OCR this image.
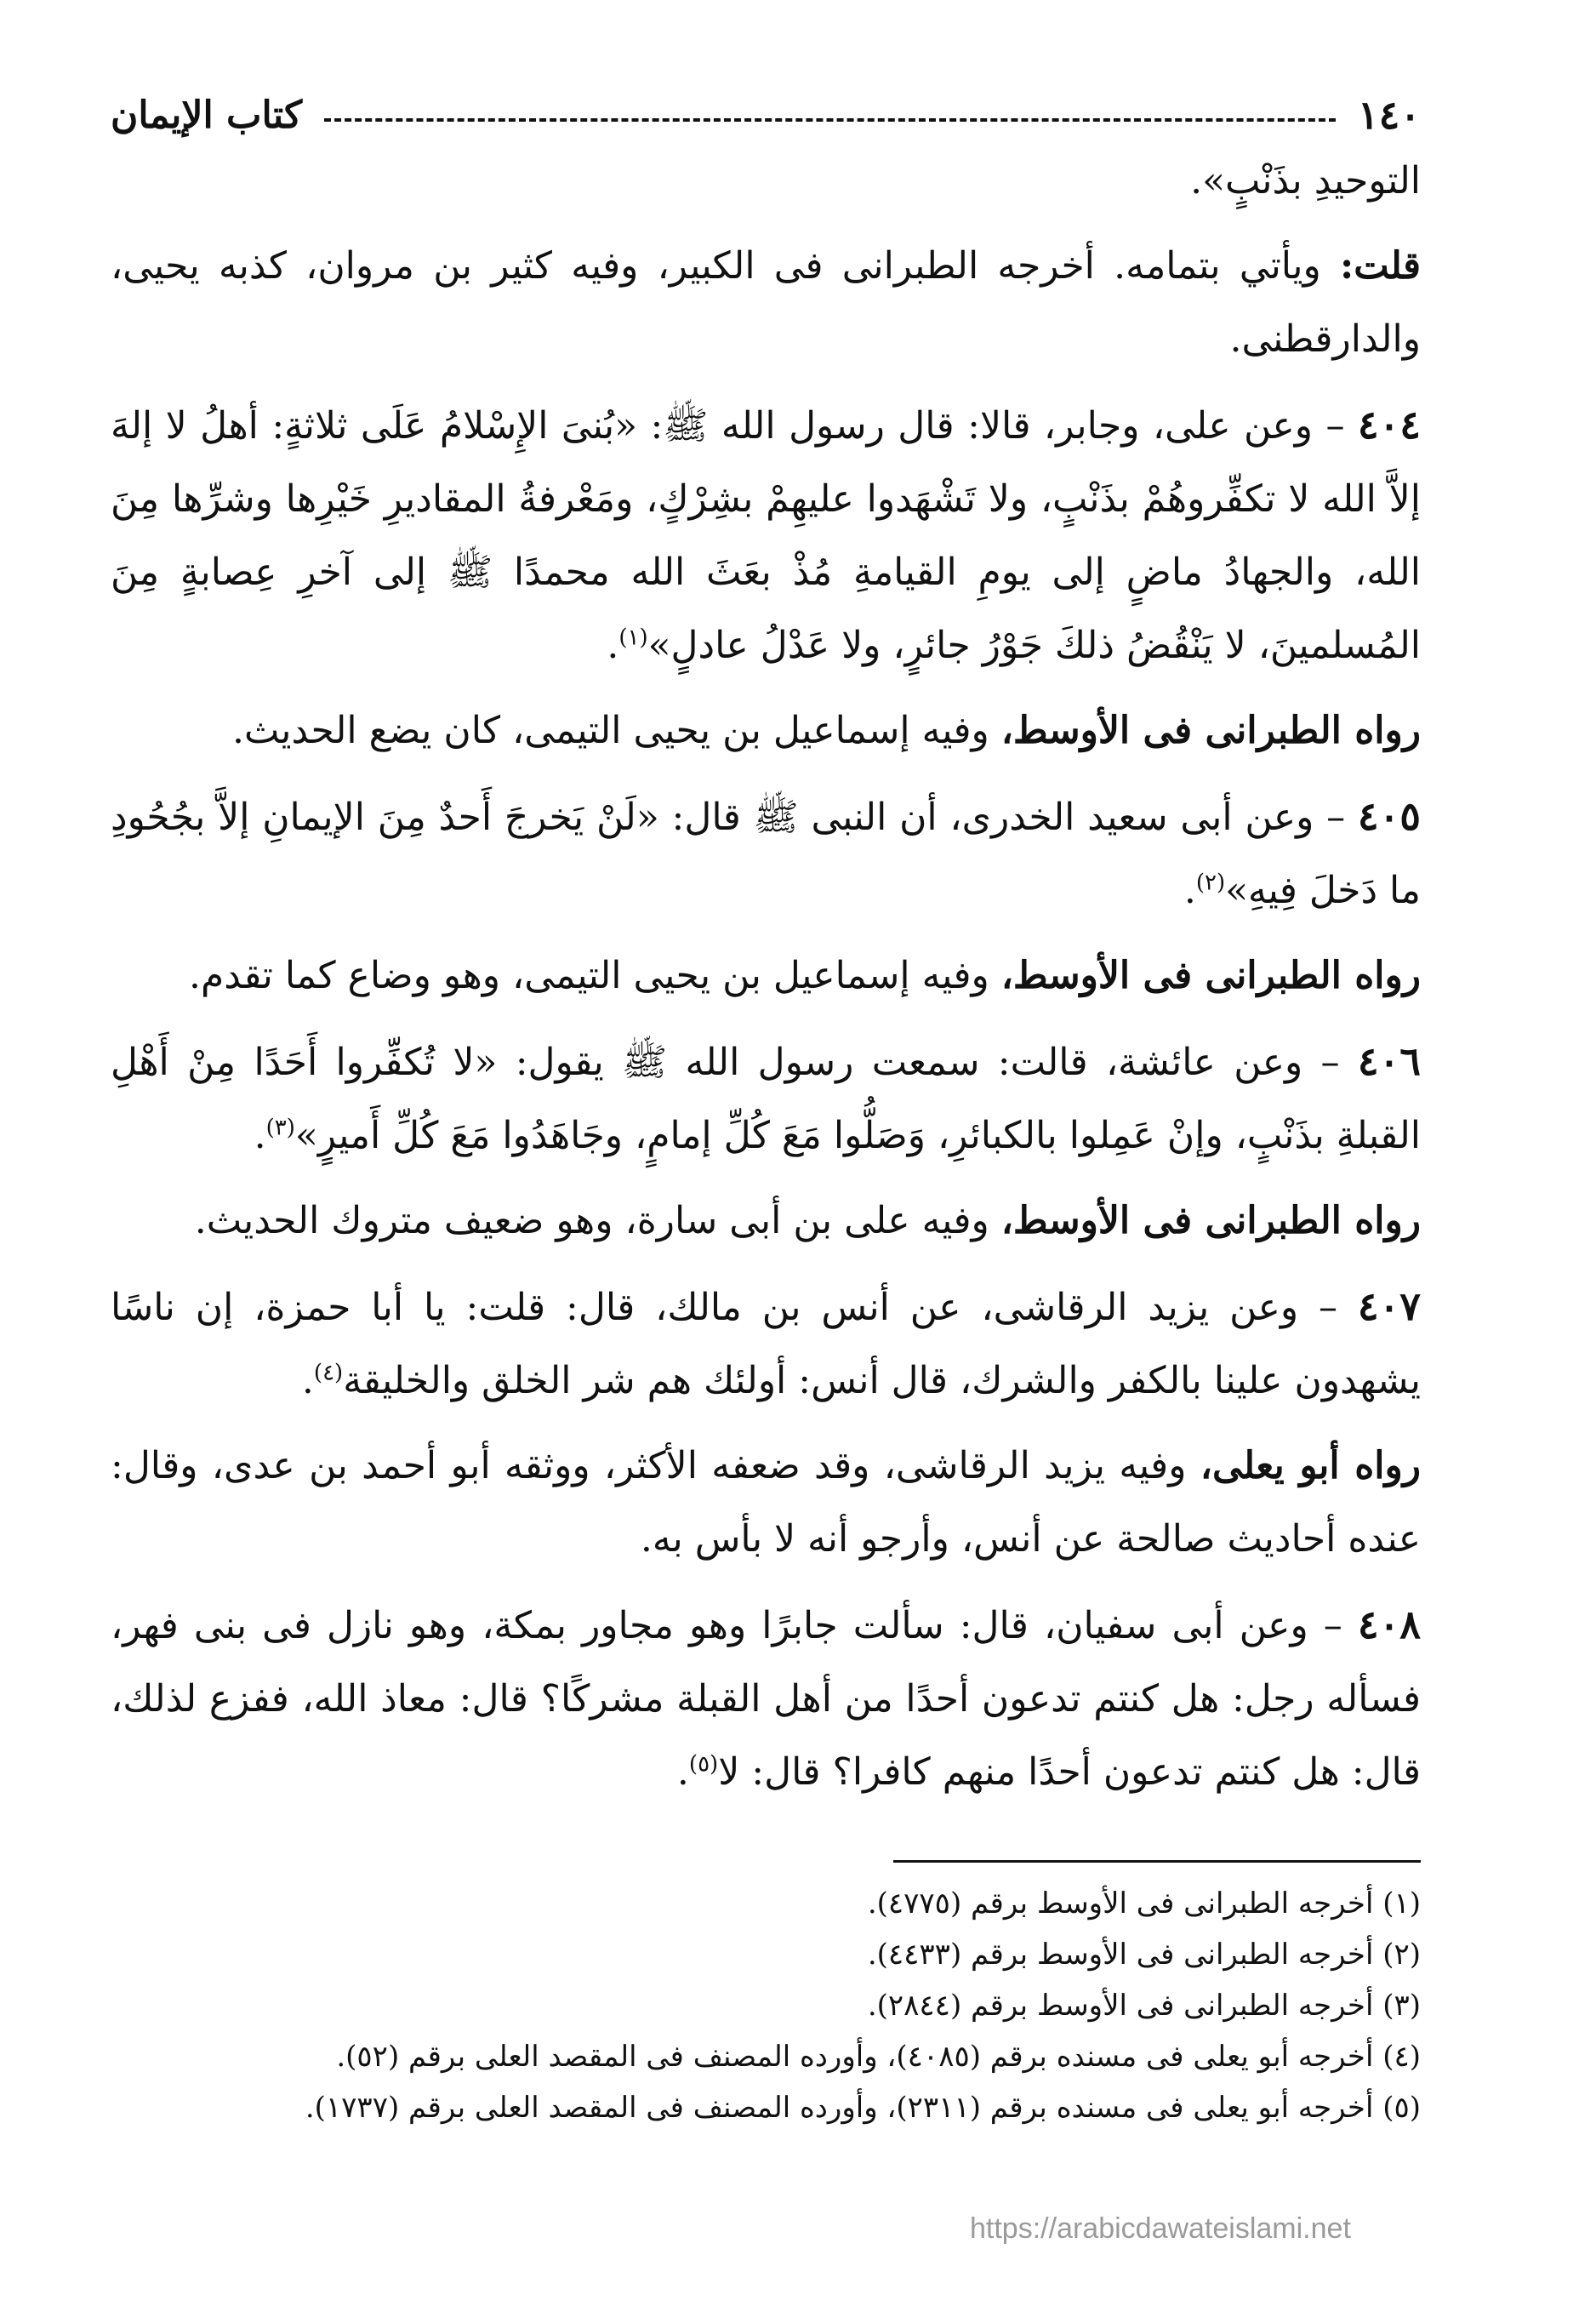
١٤٠
كتاب الإيمان

التوحيدِ بذَنْبٍ».

قلت: ويأتي بتمامه. أخرجه الطبرانى فى الكبير، وفيه كثير بن مروان، كذبه يحيى، والدارقطنى.

٤٠٤ – وعن على، وجابر، قالا: قال رسول الله ﷺ: «بُنىَ الإِسْلامُ عَلَى ثلاثةٍ: أهلُ لا إلهَ إلاَّ الله لا تكفِّروهُمْ بذَنْبٍ، ولا تَشْهَدوا عليهِمْ بشِرْكٍ، ومَعْرفةُ المقاديرِ خَيْرِها وشرِّها مِنَ الله، والجهادُ ماضٍ إلى يومِ القيامةِ مُذْ بعَثَ الله محمدًا ﷺ إلى آخرِ عِصابةٍ مِنَ المُسلمينَ، لا يَنْقُضُ ذلكَ جَوْرُ جائرٍ، ولا عَدْلُ عادلٍ»$^{(١)}$.

رواه الطبرانى فى الأوسط، وفيه إسماعيل بن يحيى التيمى، كان يضع الحديث.

٤٠٥ – وعن أبى سعيد الخدرى، أن النبى ﷺ قال: «لَنْ يَخرجَ أَحدٌ مِنَ الإيمانِ إلاَّ بجُحُودِ ما دَخلَ فِيهِ»$^{(٢)}$.

رواه الطبرانى فى الأوسط، وفيه إسماعيل بن يحيى التيمى، وهو وضاع كما تقدم.

٤٠٦ – وعن عائشة، قالت: سمعت رسول الله ﷺ يقول: «لا تُكفِّروا أَحَدًا مِنْ أَهْلِ القبلةِ بذَنْبٍ، وإنْ عَمِلوا بالكبائرِ، وَصَلُّوا مَعَ كُلِّ إمامٍ، وجَاهَدُوا مَعَ كُلِّ أَميرٍ»$^{(٣)}$.

رواه الطبرانى فى الأوسط، وفيه على بن أبى سارة، وهو ضعيف متروك الحديث.

٤٠٧ – وعن يزيد الرقاشى، عن أنس بن مالك، قال: قلت: يا أبا حمزة، إن ناسًا يشهدون علينا بالكفر والشرك، قال أنس: أولئك هم شر الخلق والخليقة$^{(٤)}$.

رواه أبو يعلى، وفيه يزيد الرقاشى، وقد ضعفه الأكثر، ووثقه أبو أحمد بن عدى، وقال: عنده أحاديث صالحة عن أنس، وأرجو أنه لا بأس به.

٤٠٨ – وعن أبى سفيان، قال: سألت جابرًا وهو مجاور بمكة، وهو نازل فى بنى فهر، فسأله رجل: هل كنتم تدعون أحدًا من أهل القبلة مشركًا؟ قال: معاذ الله، ففزع لذلك، قال: هل كنتم تدعون أحدًا منهم كافرا؟ قال: لا$^{(٥)}$.

(١) أخرجه الطبرانى فى الأوسط برقم (٤٧٧٥).
(٢) أخرجه الطبرانى فى الأوسط برقم (٤٤٣٣).
(٣) أخرجه الطبرانى فى الأوسط برقم (٢٨٤٤).
(٤) أخرجه أبو يعلى فى مسنده برقم (٤٠٨٥)، وأورده المصنف فى المقصد العلى برقم (٥٢).
(٥) أخرجه أبو يعلى فى مسنده برقم (٢٣١١)، وأورده المصنف فى المقصد العلى برقم (١٧٣٧).
https://arabicdawateislami.net
